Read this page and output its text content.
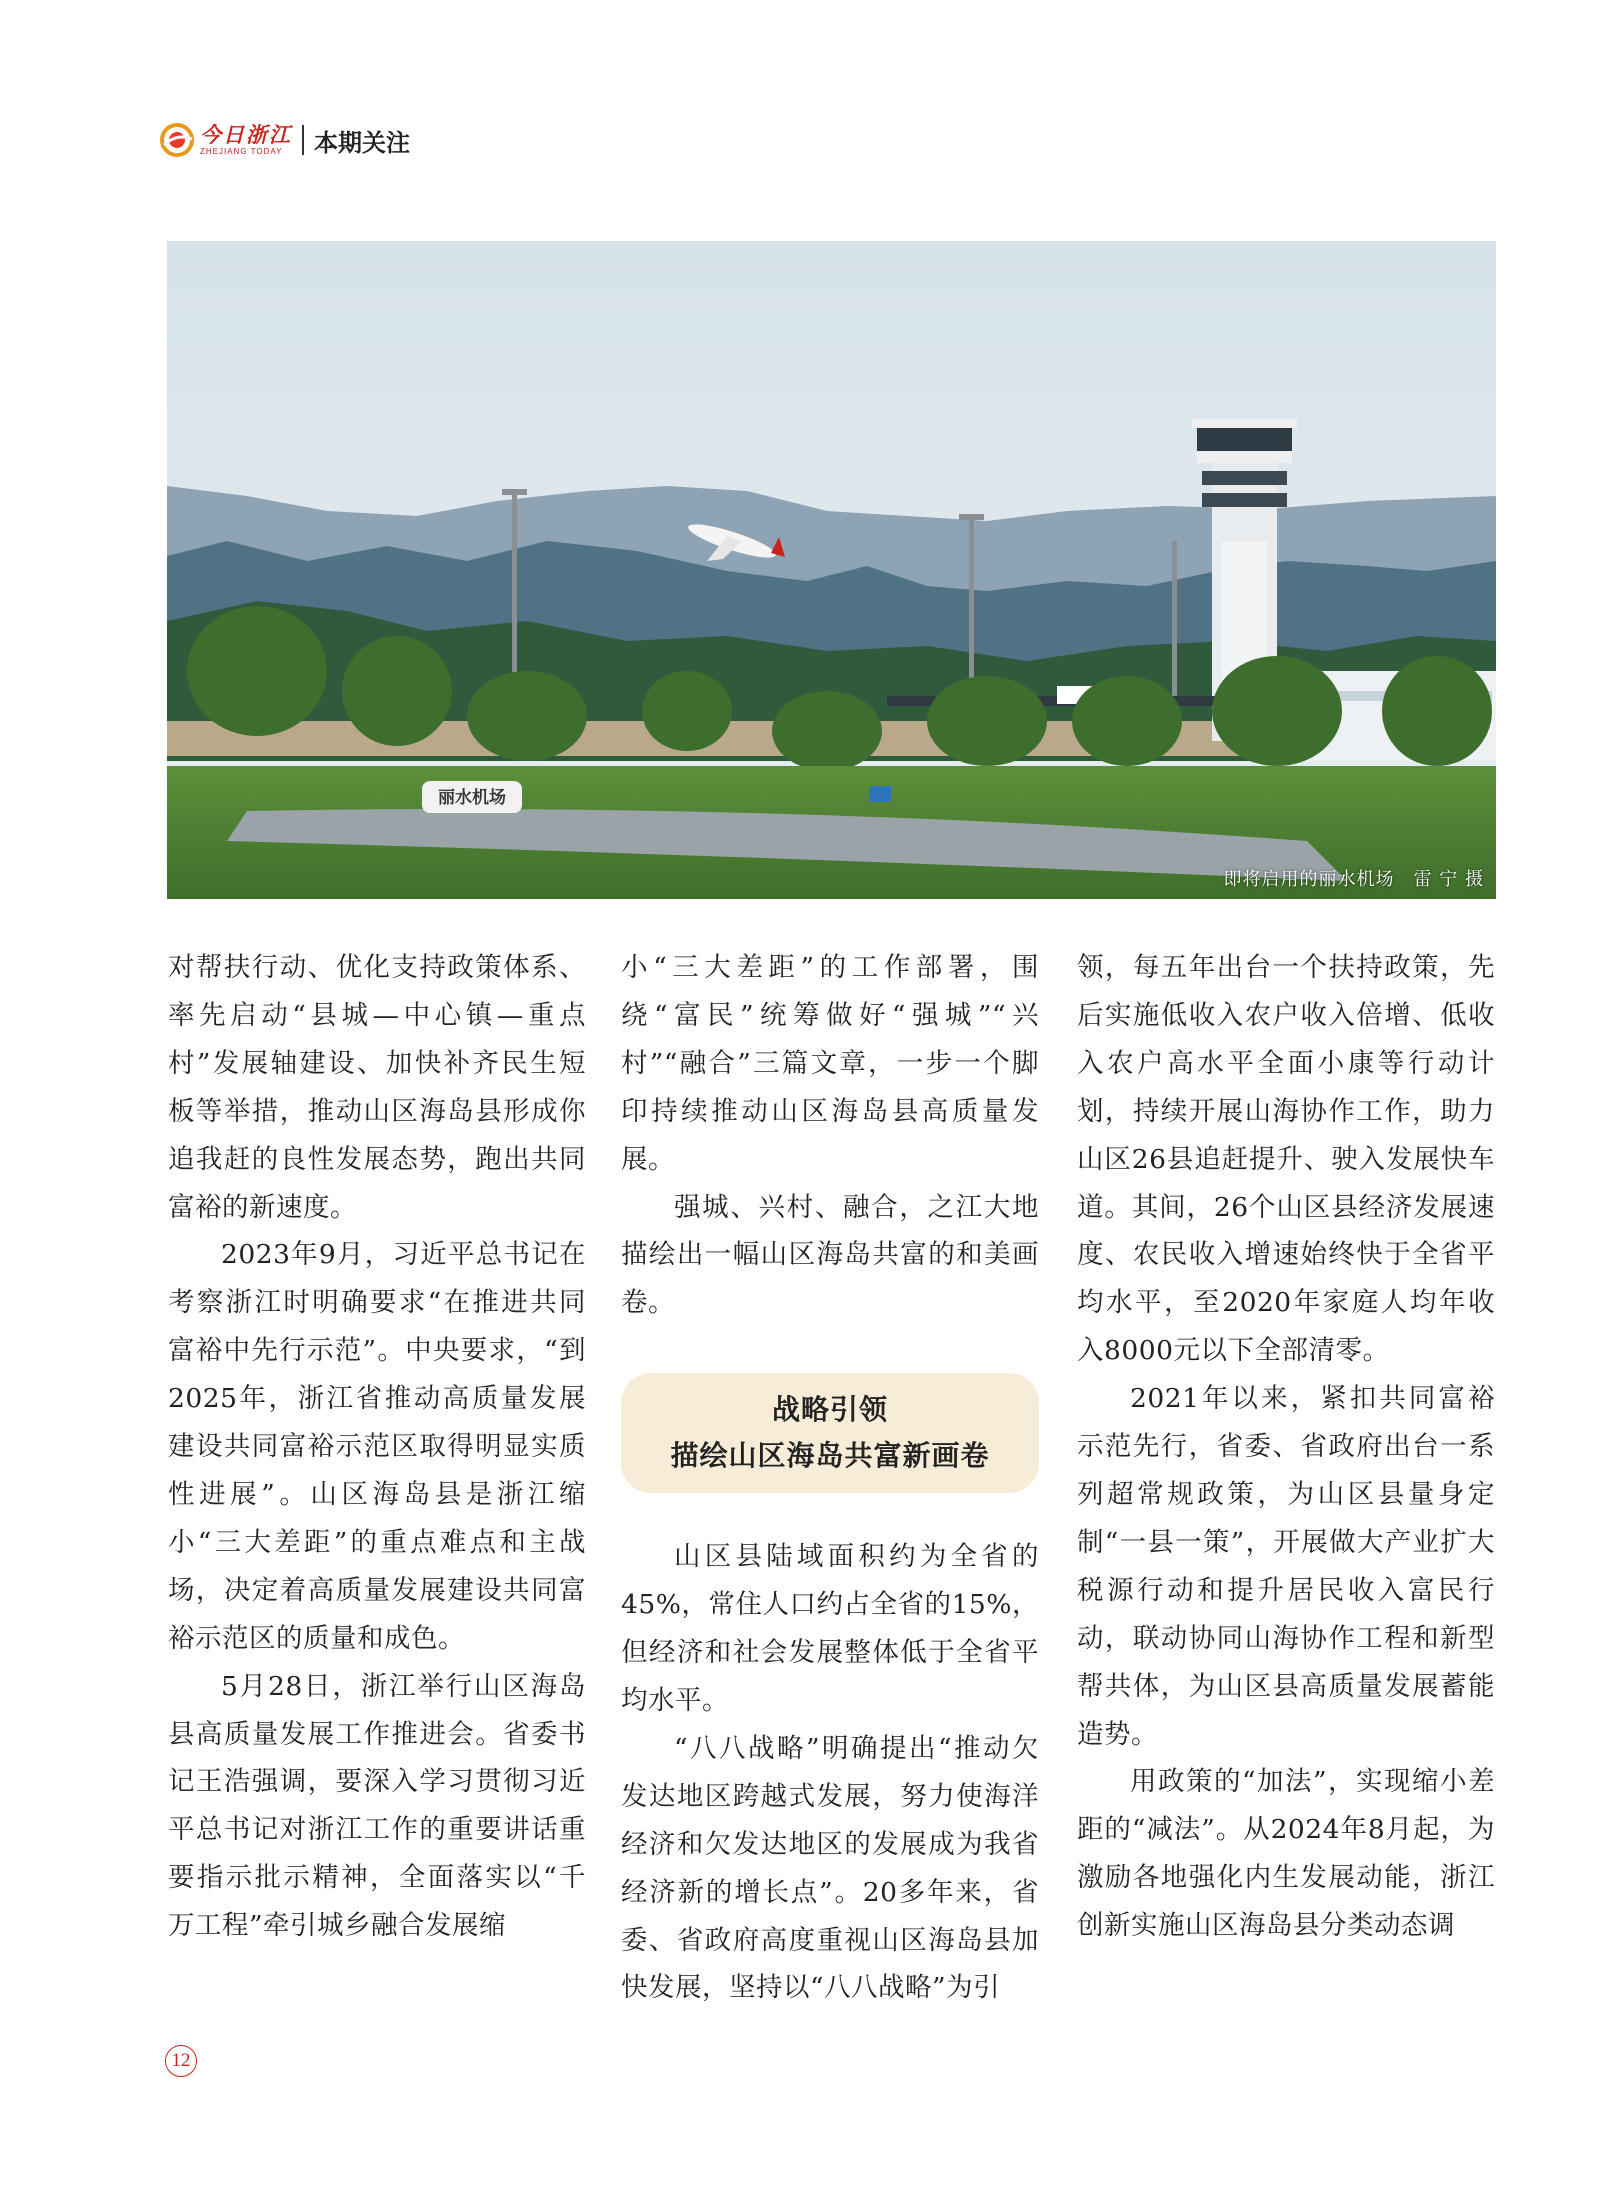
今日浙江
ZHEJIANG TODAY	本期关注
丽水机场
即将启用的丽水机场　雷 宁 摄

对帮扶行动、优化支持政策体系、率先启动“县城—中心镇—重点村”发展轴建设、加快补齐民生短板等举措，推动山区海岛县形成你追我赶的良性发展态势，跑出共同富裕的新速度。

2023年9月，习近平总书记在考察浙江时明确要求“在推进共同富裕中先行示范”。中央要求，“到2025年，浙江省推动高质量发展建设共同富裕示范区取得明显实质性进展”。山区海岛县是浙江缩小“三大差距”的重点难点和主战场，决定着高质量发展建设共同富裕示范区的质量和成色。

5月28日，浙江举行山区海岛县高质量发展工作推进会。省委书记王浩强调，要深入学习贯彻习近平总书记对浙江工作的重要讲话重要指示批示精神，全面落实以“千万工程”牵引城乡融合发展缩

小“三大差距”的工作部署，围绕“富民”统筹做好“强城”“兴村”“融合”三篇文章，一步一个脚印持续推动山区海岛县高质量发展。

强城、兴村、融合，之江大地描绘出一幅山区海岛共富的和美画卷。

战略引领
描绘山区海岛共富新画卷

山区县陆域面积约为全省的45%，常住人口约占全省的15%，但经济和社会发展整体低于全省平均水平。

“八八战略”明确提出“推动欠发达地区跨越式发展，努力使海洋经济和欠发达地区的发展成为我省经济新的增长点”。20多年来，省委、省政府高度重视山区海岛县加快发展，坚持以“八八战略”为引

领，每五年出台一个扶持政策，先后实施低收入农户收入倍增、低收入农户高水平全面小康等行动计划，持续开展山海协作工作，助力山区26县追赶提升、驶入发展快车道。其间，26个山区县经济发展速度、农民收入增速始终快于全省平均水平，至2020年家庭人均年收入8000元以下全部清零。

2021年以来，紧扣共同富裕示范先行，省委、省政府出台一系列超常规政策，为山区县量身定制“一县一策”，开展做大产业扩大税源行动和提升居民收入富民行动，联动协同山海协作工程和新型帮共体，为山区县高质量发展蓄能造势。

用政策的“加法”，实现缩小差距的“减法”。从2024年8月起，为激励各地强化内生发展动能，浙江创新实施山区海岛县分类动态调

12
